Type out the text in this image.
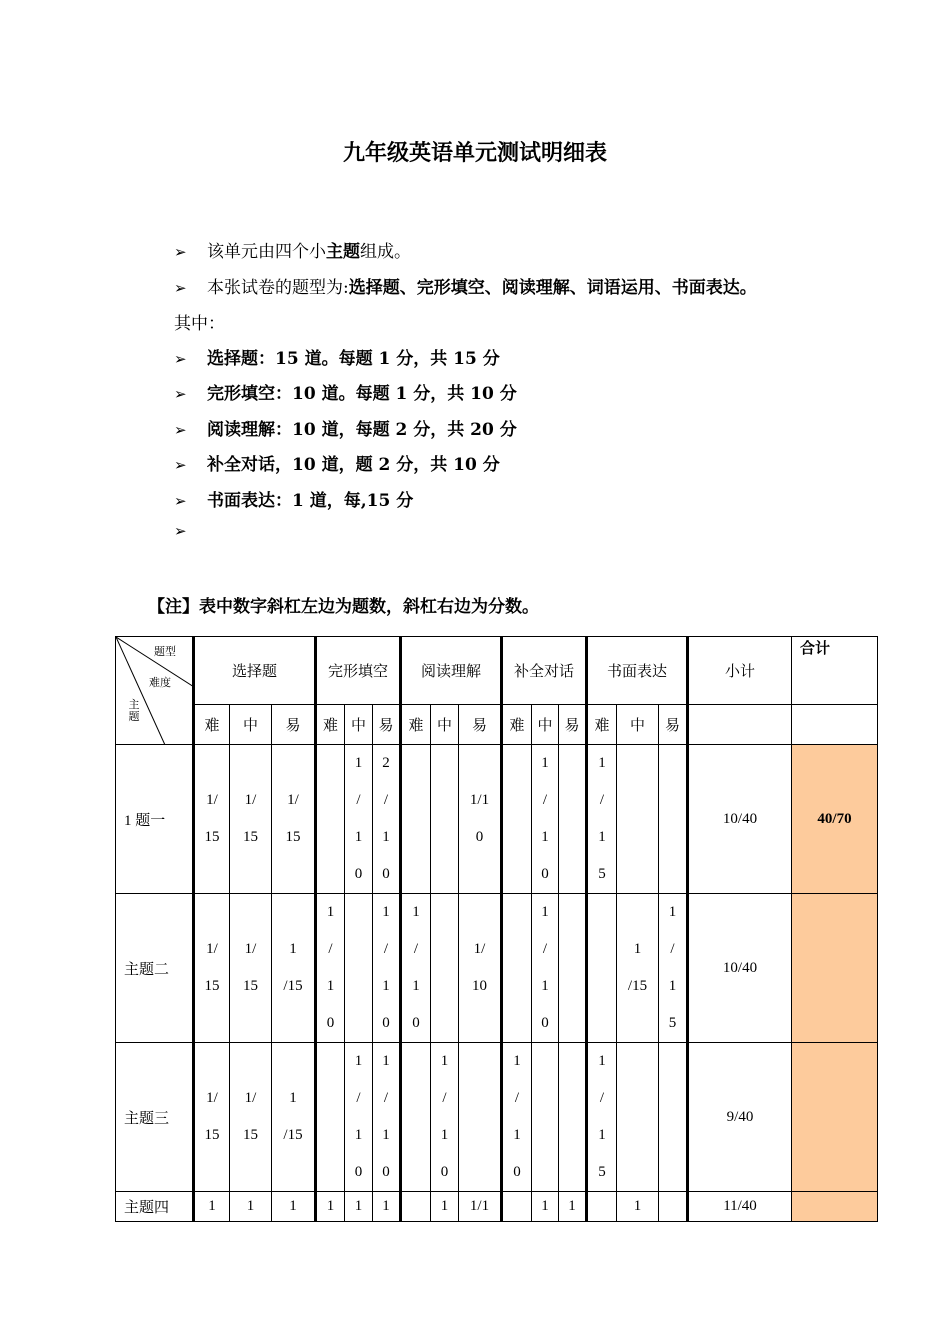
九年级英语单元测试明细表
➢ 该单元由四个小主题组成。
➢ 本张试卷的题型为:选择题、完形填空、阅读理解、词语运用、书面表达。
其中：
➢ 选择题：15 道。每题 1 分，共 15 分
➢ 完形填空：10 道。每题 1 分，共 10 分
➢ 阅读理解：10 道，每题 2 分，共 20 分
➢ 补全对话，10 道，题 2 分，共 10 分
➢ 书面表达：1 道，每,15 分
➢
【注】表中数字斜杠左边为题数，斜杠右边为分数。
题型
难度
主题	选择题			完形填空			阅读理解			补全对话			书面表达			小计	合计
	难	中	易	难	中	易	难	中	易	难	中	易	难	中	易		
1 题一	1/
15	1/
15	1/
15		1
/
1
0	2
/
1
0			1/1
0		1
/
1
0		1
/
1
5			10/40	40/70
主题二	1/
15	1/
15	1
/15	1
/
1
0		1
/
1
0	1
/
1
0		1/
10		1
/
1
0			1
/15	1
/
1
5	10/40	
主题三	1/
15	1/
15	1
/15		1
/
1
0	1
/
1
0		1
/
1
0		1
/
1
0			1
/
1
5			9/40	
主题四	1	1	1	1	1	1		1	1/1		1	1		1		11/40	
